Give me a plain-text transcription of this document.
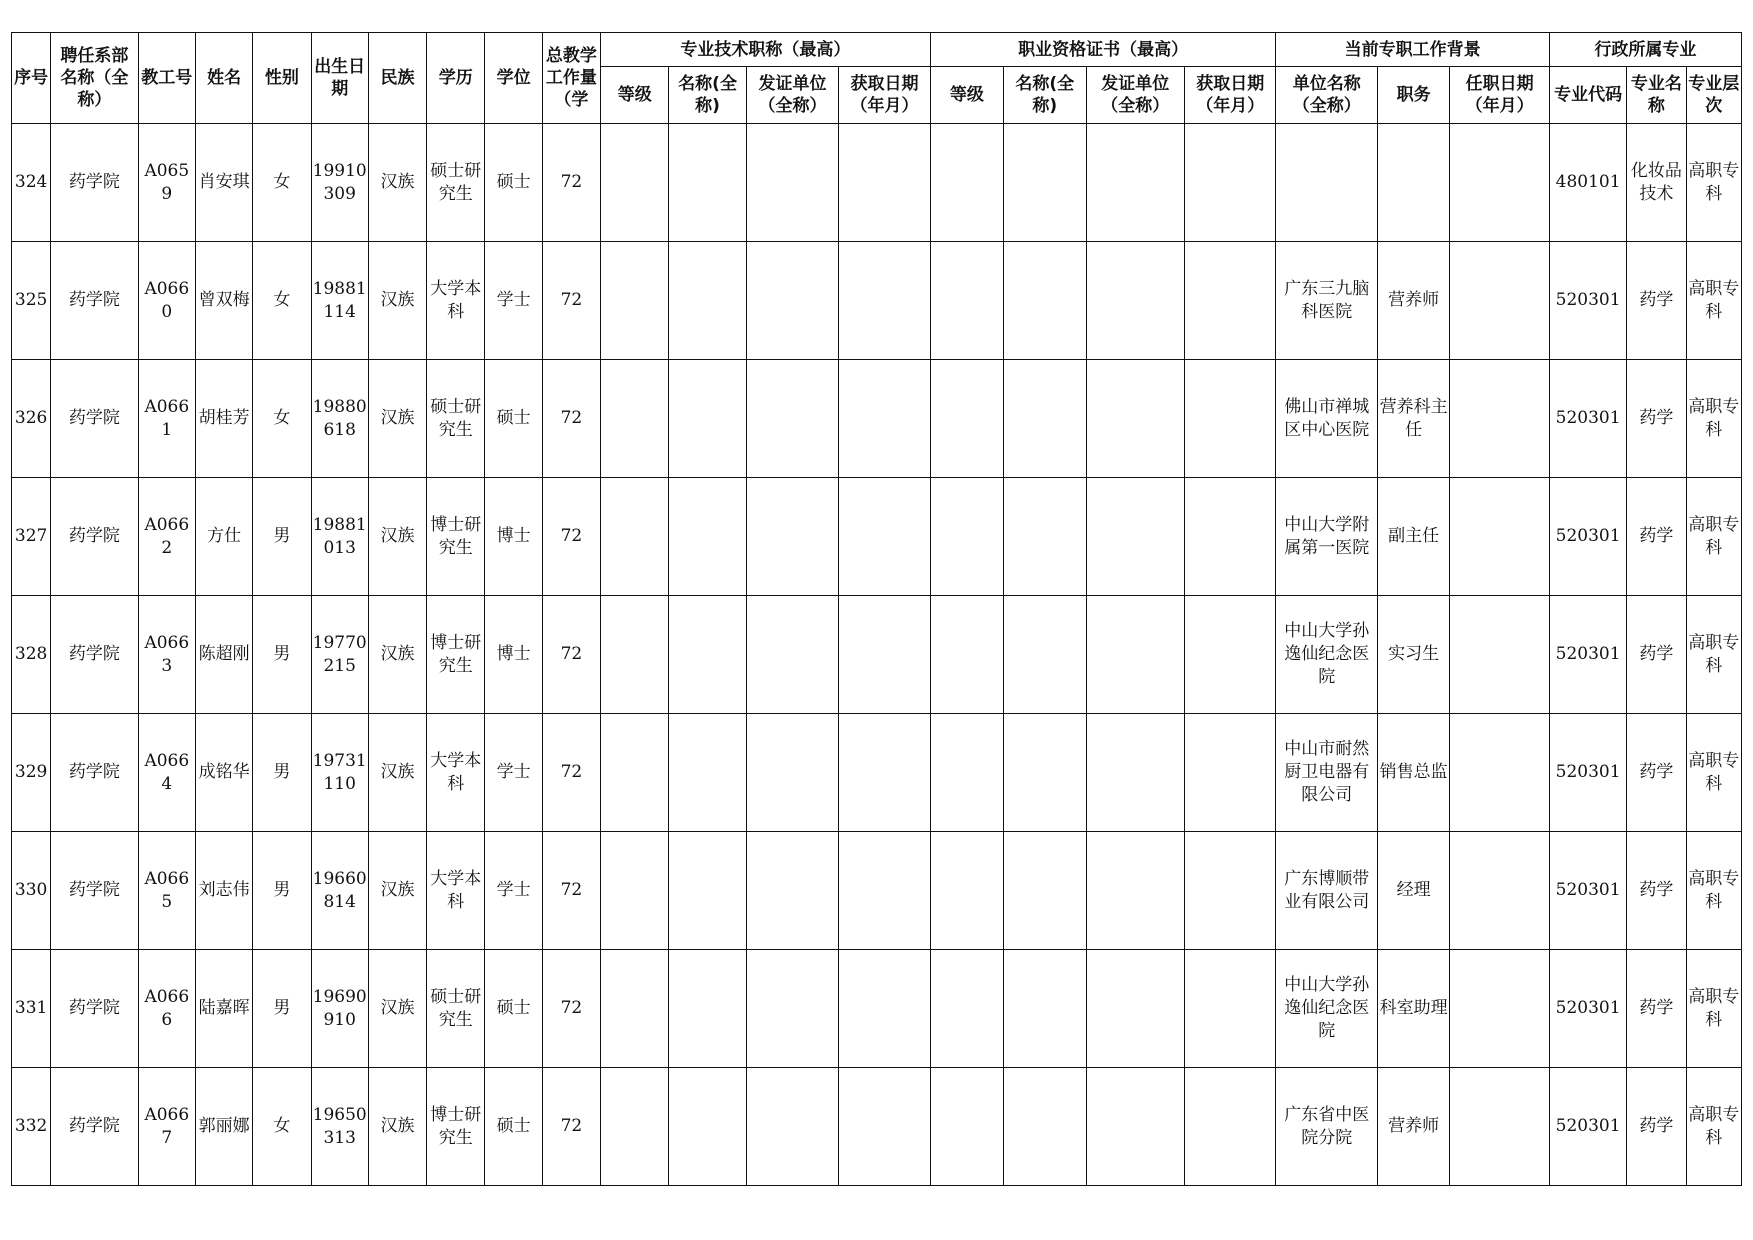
序号	聘任系部名称（全称）	教工号	姓名	性别	出生日期	民族	学历	学位	总教学工作量（学	专业技术职称（最高）				职业资格证书（最高）				当前专职工作背景			行政所属专业		
										等级	名称(全称)	发证单位（全称）	获取日期（年月）	等级	名称(全称)	发证单位（全称）	获取日期（年月）	单位名称（全称）	职务	任职日期（年月）	专业代码	专业名称	专业层次
324	药学院	A0659	肖安琪	女	19910309	汉族	硕士研究生	硕士	72												480101	化妆品技术	高职专科
325	药学院	A0660	曾双梅	女	19881114	汉族	大学本科	学士	72									广东三九脑科医院	营养师		520301	药学	高职专科
326	药学院	A0661	胡桂芳	女	19880618	汉族	硕士研究生	硕士	72									佛山市禅城区中心医院	营养科主任		520301	药学	高职专科
327	药学院	A0662	方仕	男	19881013	汉族	博士研究生	博士	72									中山大学附属第一医院	副主任		520301	药学	高职专科
328	药学院	A0663	陈超刚	男	19770215	汉族	博士研究生	博士	72									中山大学孙逸仙纪念医院	实习生		520301	药学	高职专科
329	药学院	A0664	成铭华	男	19731110	汉族	大学本科	学士	72									中山市耐然厨卫电器有限公司	销售总监		520301	药学	高职专科
330	药学院	A0665	刘志伟	男	19660814	汉族	大学本科	学士	72									广东博顺带业有限公司	经理		520301	药学	高职专科
331	药学院	A0666	陆嘉晖	男	19690910	汉族	硕士研究生	硕士	72									中山大学孙逸仙纪念医院	科室助理		520301	药学	高职专科
332	药学院	A0667	郭丽娜	女	19650313	汉族	博士研究生	硕士	72									广东省中医院分院	营养师		520301	药学	高职专科
